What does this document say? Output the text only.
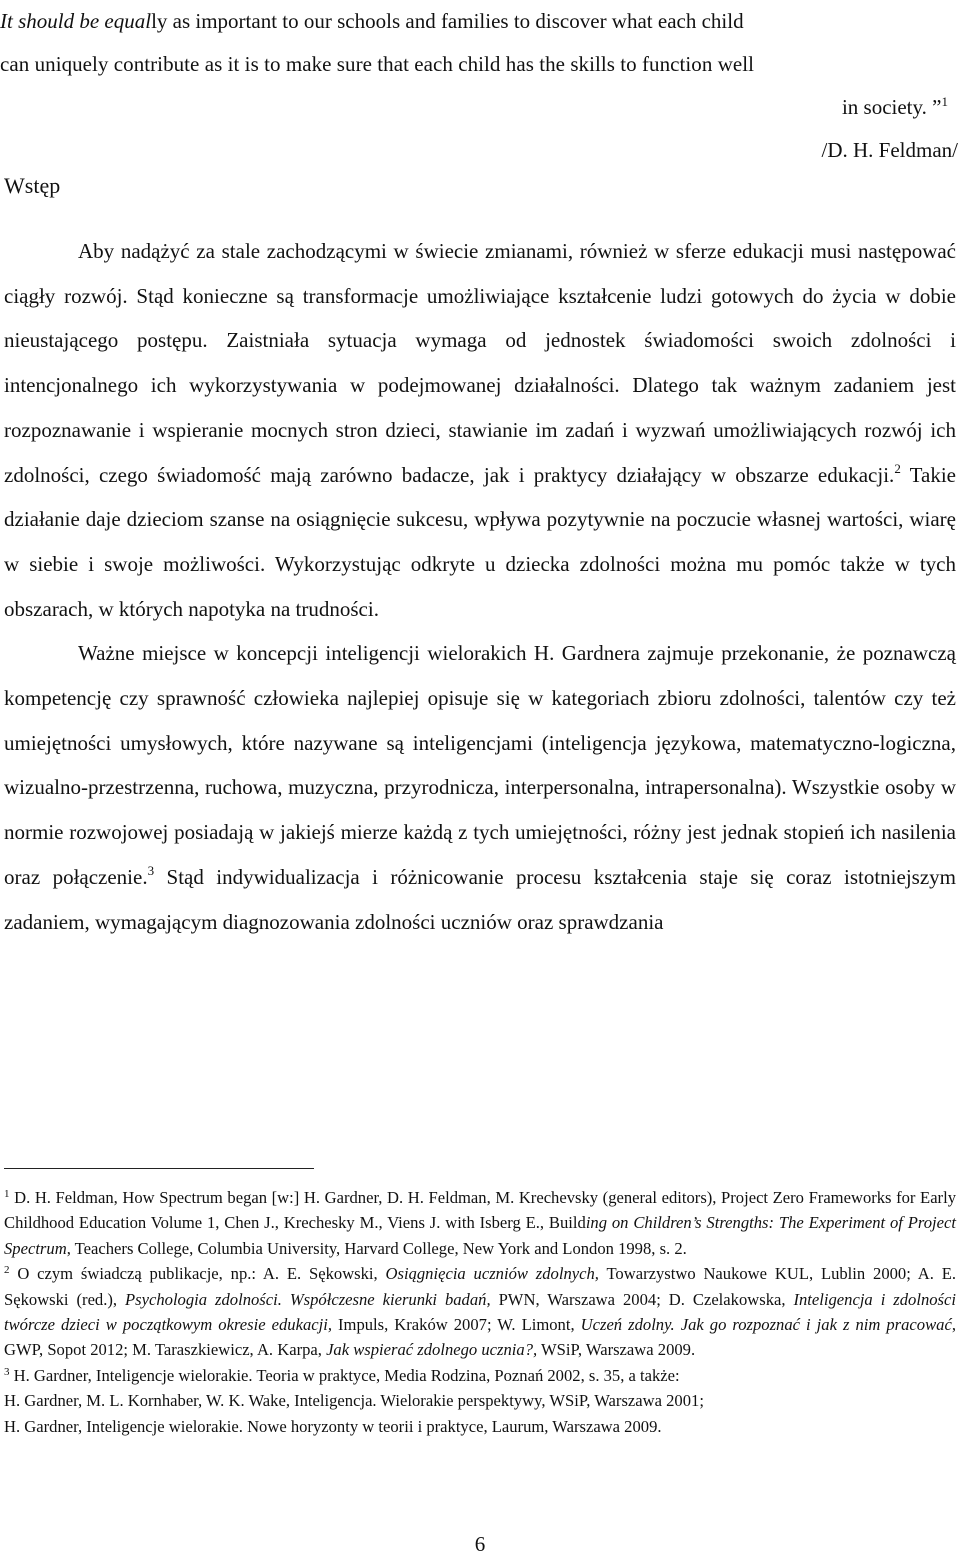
It should be equally as important to our schools and families to discover what each child
can uniquely contribute as it is to make sure that each child has the skills to function well
in society. ”$^1$
/D. H. Feldman/
Wstęp

Aby nadążyć za stale zachodzącymi w świecie zmianami, również w sferze edukacji musi następować ciągły rozwój. Stąd konieczne są transformacje umożliwiające kształcenie ludzi gotowych do życia w dobie nieustającego postępu. Zaistniała sytuacja wymaga od jednostek świadomości swoich zdolności i intencjonalnego ich wykorzystywania w podejmowanej działalności. Dlatego tak ważnym zadaniem jest rozpoznawanie i wspieranie mocnych stron dzieci, stawianie im zadań i wyzwań umożliwiających rozwój ich zdolności, czego świadomość mają zarówno badacze, jak i praktycy działający w obszarze edukacji.$^2$ Takie działanie daje dzieciom szanse na osiągnięcie sukcesu, wpływa pozytywnie na poczucie własnej wartości, wiarę w siebie i swoje możliwości. Wykorzystując odkryte u dziecka zdolności można mu pomóc także w tych obszarach, w których napotyka na trudności.

Ważne miejsce w koncepcji inteligencji wielorakich H. Gardnera zajmuje przekonanie, że poznawczą kompetencję czy sprawność człowieka najlepiej opisuje się w kategoriach zbioru zdolności, talentów czy też umiejętności umysłowych, które nazywane są inteligencjami (inteligencja językowa, matematyczno-logiczna, wizualno-przestrzenna, ruchowa, muzyczna, przyrodnicza, interpersonalna, intrapersonalna). Wszystkie osoby w normie rozwojowej posiadają w jakiejś mierze każdą z tych umiejętności, różny jest jednak stopień ich nasilenia oraz połączenie.$^3$ Stąd indywidualizacja i różnicowanie procesu kształcenia staje się coraz istotniejszym zadaniem, wymagającym diagnozowania zdolności uczniów oraz sprawdzania

$^1$ D. H. Feldman, How Spectrum began [w:] H. Gardner, D. H. Feldman, M. Krechevsky (general editors), Project Zero Frameworks for Early Childhood Education Volume 1, Chen J., Krechesky M., Viens J. with Isberg E., Building on Children’s Strengths: The Experiment of Project Spectrum, Teachers College, Columbia University, Harvard College, New York and London 1998, s. 2.

$^2$ O czym świadczą publikacje, np.: A. E. Sękowski, Osiągnięcia uczniów zdolnych, Towarzystwo Naukowe KUL, Lublin 2000; A. E. Sękowski (red.), Psychologia zdolności. Współczesne kierunki badań, PWN, Warszawa 2004; D. Czelakowska, Inteligencja i zdolności twórcze dzieci w początkowym okresie edukacji, Impuls, Kraków 2007; W. Limont, Uczeń zdolny. Jak go rozpoznać i jak z nim pracować, GWP, Sopot 2012; M. Taraszkiewicz, A. Karpa, Jak wspierać zdolnego ucznia?, WSiP, Warszawa 2009.

$^3$ H. Gardner, Inteligencje wielorakie. Teoria w praktyce, Media Rodzina, Poznań 2002, s. 35, a także:

H. Gardner, M. L. Kornhaber, W. K. Wake, Inteligencja. Wielorakie perspektywy, WSiP, Warszawa 2001;

H. Gardner, Inteligencje wielorakie. Nowe horyzonty w teorii i praktyce, Laurum, Warszawa 2009.

6
